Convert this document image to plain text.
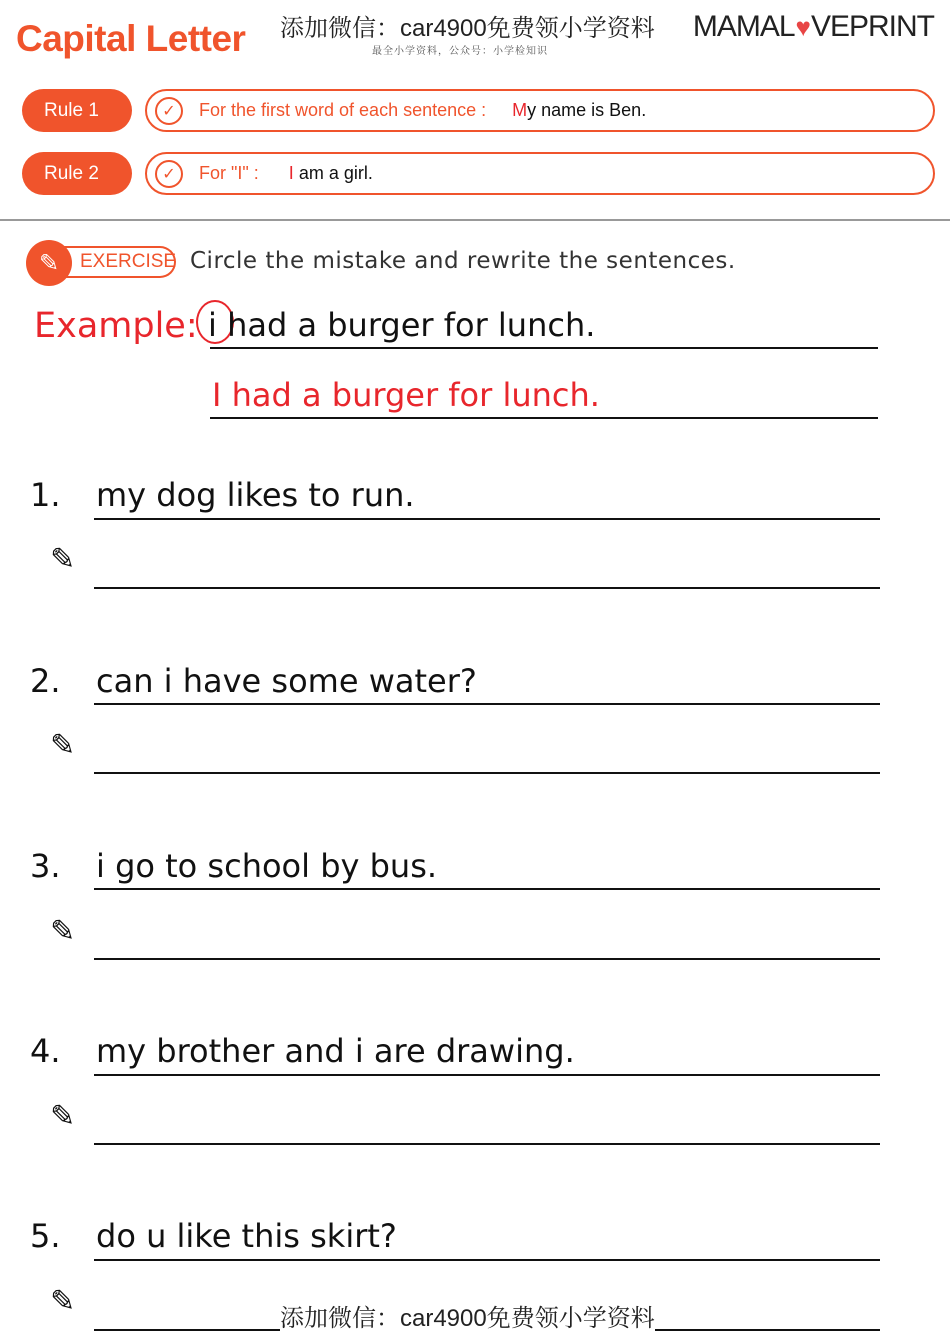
Capital Letter 添加微信：car4900免费领小学资料
最全小学资料，公众号：小学检知识
MAMAL ♥ VEPRINT
Rule 1	✓	For the first word of each sentence : My name is Ben.
Rule 2	✓	For "I" : I am a girl.
EXERCISE
✎	Circle the mistake and rewrite the sentences.
Example: i had a burger for lunch.
I had a burger for lunch.
1. my dog likes to run.
✎
2. can i have some water?
✎
3. i go to school by bus.
✎
4. my brother and i are drawing.
✎
5. do u like this skirt?
✎	添加微信：car4900免费领小学资料
